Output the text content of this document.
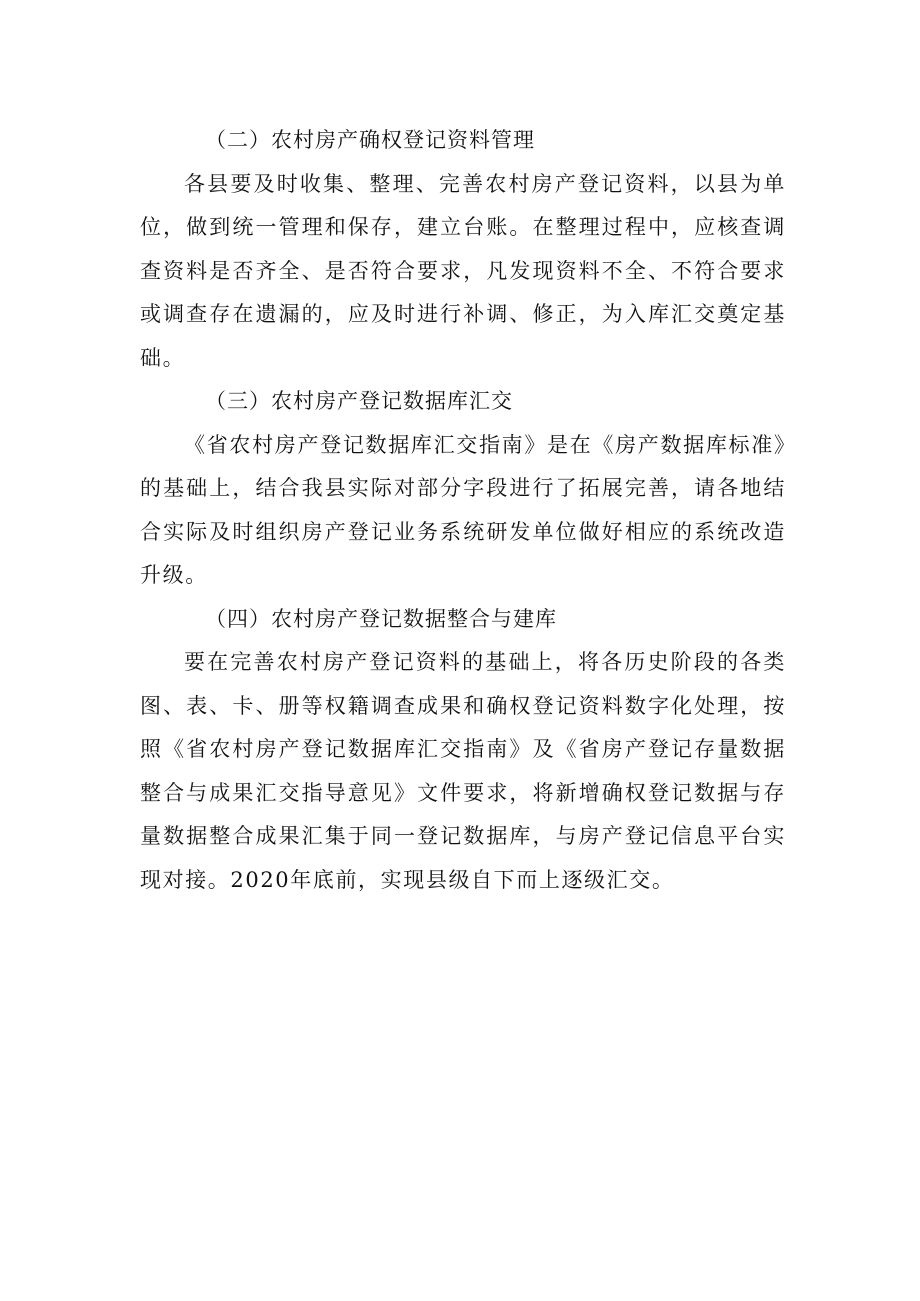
（二）农村房产确权登记资料管理

各县要及时收集、整理、完善农村房产登记资料，以县为单位，做到统一管理和保存，建立台账。在整理过程中，应核查调查资料是否齐全、是否符合要求，凡发现资料不全、不符合要求或调查存在遗漏的，应及时进行补调、修正，为入库汇交奠定基础。

（三）农村房产登记数据库汇交

《省农村房产登记数据库汇交指南》是在《房产数据库标准》的基础上，结合我县实际对部分字段进行了拓展完善，请各地结合实际及时组织房产登记业务系统研发单位做好相应的系统改造升级。

（四）农村房产登记数据整合与建库

要在完善农村房产登记资料的基础上，将各历史阶段的各类图、表、卡、册等权籍调查成果和确权登记资料数字化处理，按照《省农村房产登记数据库汇交指南》及《省房产登记存量数据整合与成果汇交指导意见》文件要求，将新增确权登记数据与存量数据整合成果汇集于同一登记数据库，与房产登记信息平台实现对接。2020年底前，实现县级自下而上逐级汇交。
